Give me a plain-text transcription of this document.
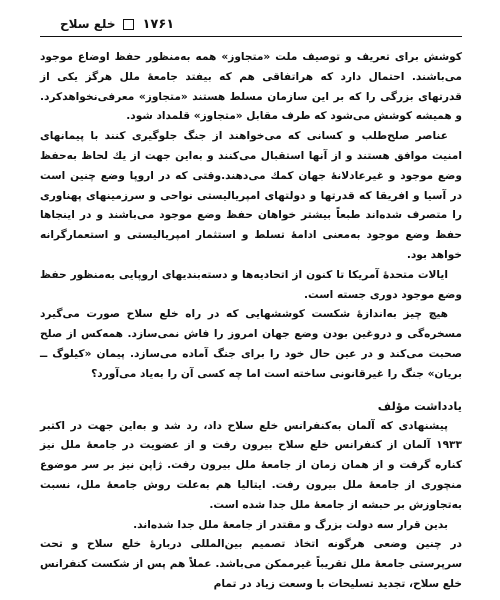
خلع سلاح ۱۷۶۱

کوشش برای تعریف و توصیف ملت «متجاوز» همه به‌منظور حفظ اوضاع موجود می‌باشند. احتمال دارد که هراتفاقی هم که بیفتد جامعهٔ ملل هرگز یکی از قدرتهای بزرگی را که بر این سازمان مسلط هستند «متجاوز» معرفی‌نخواهدکرد. و همیشه کوشش می‌شود که طرف مقابل «متجاوز» قلمداد شود.

عناصر صلح‌طلب و کسانی که می‌خواهند از جنگ جلوگیری کنند با پیمانهای امنیت موافق هستند و از آنها استقبال می‌کنند و به‌این جهت از یك لحاظ به‌حفظ وضع موجود و غیرعادلانهٔ جهان کمك می‌دهند.وقتی که در اروپا وضع چنین است در آسیا و افریقا که قدرتها و دولتهای امپریالیستی نواحی و سرزمینهای پهناوری را متصرف شده‌اند طبعاً بیشتر خواهان حفظ وضع موجود می‌باشند و در اینجاها حفظ وضع موجود به‌معنی ادامهٔ تسلط و استثمار امپریالیستی و استعمارگرانه خواهد بود.

ایالات متحدهٔ آمریکا تا کنون از اتحادیه‌ها و دسته‌بندیهای اروپایی به‌منظور حفظ وضع موجود دوری جسته است.

هیچ چیز به‌اندازهٔ شکست کوششهایی که در راه خلع سلاح صورت می‌گیرد مسخره‌گی و دروغین بودن وضع جهان امروز را فاش نمی‌سازد. همه‌کس از صلح صحبت می‌کند و در عین حال خود را برای جنگ آماده می‌سازد. پیمان «کیلوگ ــ بریان» جنگ را غیرقانونی ساخته است اما چه کسی آن را به‌یاد می‌آورد؟

یادداشت مؤلف

پیشنهادی که آلمان به‌کنفرانس خلع سلاح داد، رد شد و به‌این جهت در اکتبر ۱۹۳۳ آلمان از کنفرانس خلع سلاح بیرون رفت و از عضویت در جامعهٔ ملل نیز کناره گرفت و از همان زمان از جامعهٔ ملل بیرون رفت. ژاپن نیز بر سر موضوع منچوری از جامعهٔ ملل بیرون رفت. ایتالیا هم به‌علت روش جامعهٔ ملل، نسبت به‌تجاوزش بر حبشه از جامعهٔ ملل جدا شده است.

بدین قرار سه دولت بزرگ و مقتدر از جامعهٔ ملل جدا شده‌اند.

در چنین وضعی هرگونه اتخاذ تصمیم بین‌المللی دربارهٔ خلع سلاح و تحت سرپرستی جامعهٔ ملل تقریباً غیرممکن می‌باشد. عملاً هم پس از شکست کنفرانس خلع سلاح، تجدید تسلیحات با وسعت زیاد در تمام
